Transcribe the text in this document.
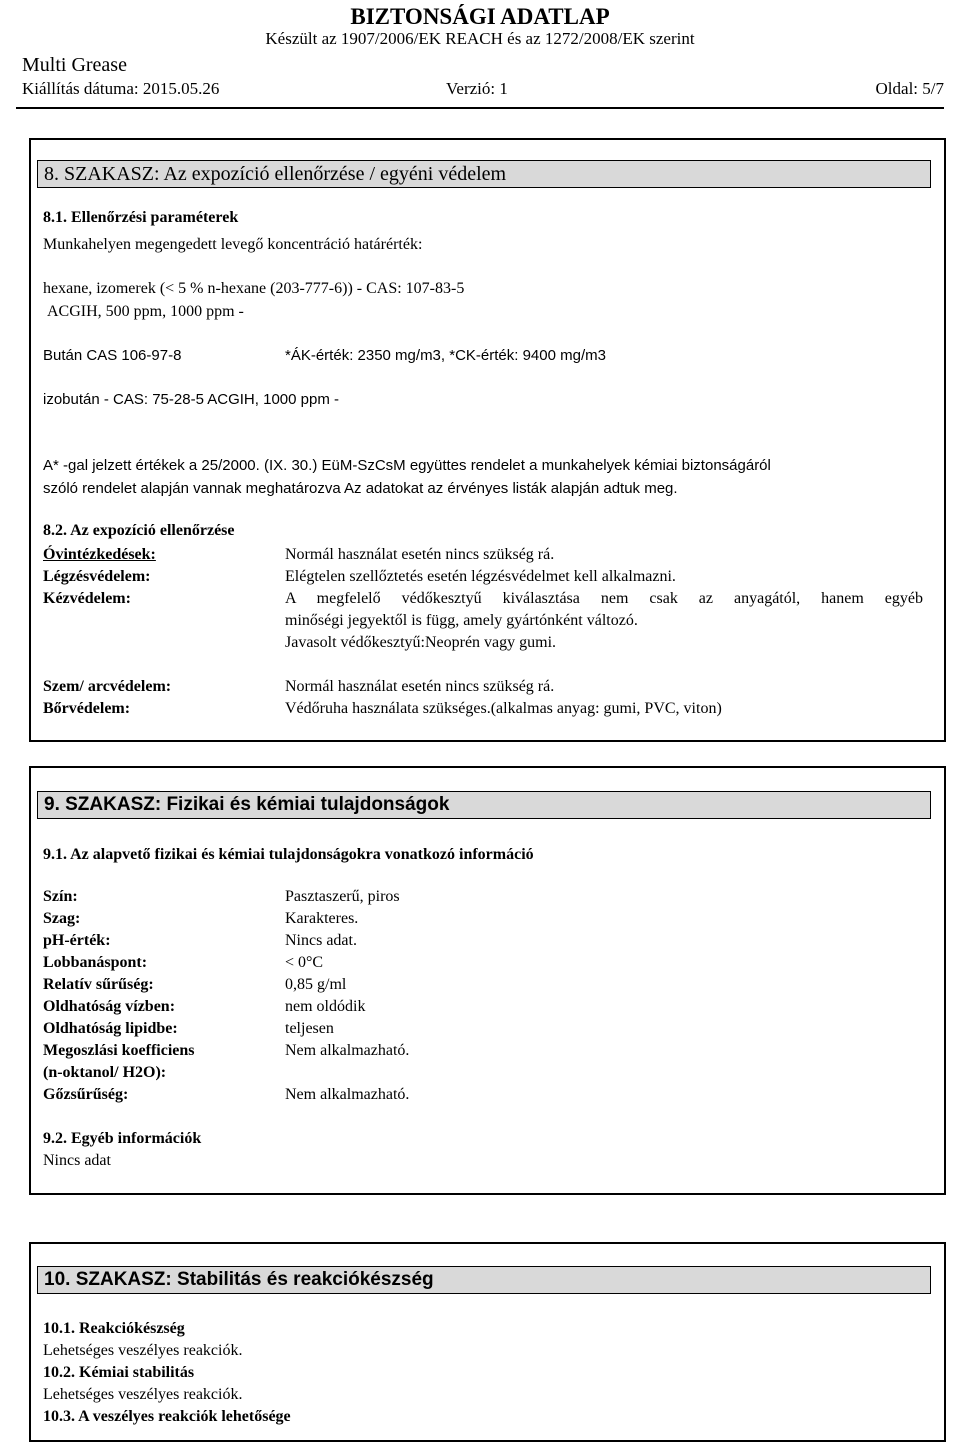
BIZTONSÁGI ADATLAP
Készült az 1907/2006/EK REACH és az 1272/2008/EK szerint
Multi Grease
Kiállítás dátuma: 2015.05.26	Verzió: 1	Oldal: 5/7
8. SZAKASZ: Az expozíció ellenőrzése / egyéni védelem
8.1. Ellenőrzési paraméterek
Munkahelyen megengedett levegő koncentráció határérték:
hexane, izomerek (< 5 % n-hexane (203-777-6)) - CAS: 107-83-5
ACGIH, 500 ppm, 1000 ppm -
Bután CAS 106-97-8	*ÁK-érték: 2350 mg/m3, *CK-érték: 9400 mg/m3
izobután - CAS: 75-28-5 ACGIH, 1000 ppm -
A* -gal jelzett értékek a 25/2000. (IX. 30.) EüM-SzCsM együttes rendelet a munkahelyek kémiai biztonságáról
szóló rendelet alapján vannak meghatározva Az adatokat az érvényes listák alapján adtuk meg.
8.2. Az expozíció ellenőrzése
Óvintézkedések:	Normál használat esetén nincs szükség rá.
Légzésvédelem:	Elégtelen szellőztetés esetén légzésvédelmet kell alkalmazni.
Kézvédelem:	A megfelelő védőkesztyű kiválasztása nem csak az anyagától, hanem egyéb
minőségi jegyektől is függ, amely gyártónként változó.
Javasolt védőkesztyű:Neoprén vagy gumi.
Szem/ arcvédelem:	Normál használat esetén nincs szükség rá.
Bőrvédelem:	Védőruha használata szükséges.(alkalmas anyag: gumi, PVC, viton)
9. SZAKASZ: Fizikai és kémiai tulajdonságok
9.1. Az alapvető fizikai és kémiai tulajdonságokra vonatkozó információ
Szín:	Pasztaszerű, piros
Szag:	Karakteres.
pH-érték:	Nincs adat.
Lobbanáspont:	< 0°C
Relatív sűrűség:	0,85 g/ml
Oldhatóság vízben:	nem oldódik
Oldhatóság lipidbe:	teljesen
Megoszlási koefficiens
(n-oktanol/ H2O):
Nem alkalmazható.
Gőzsűrűség:	Nem alkalmazható.
9.2. Egyéb információk
Nincs adat
10. SZAKASZ: Stabilitás és reakciókészség
10.1. Reakciókészség
Lehetséges veszélyes reakciók.
10.2. Kémiai stabilitás
Lehetséges veszélyes reakciók.
10.3. A veszélyes reakciók lehetősége
